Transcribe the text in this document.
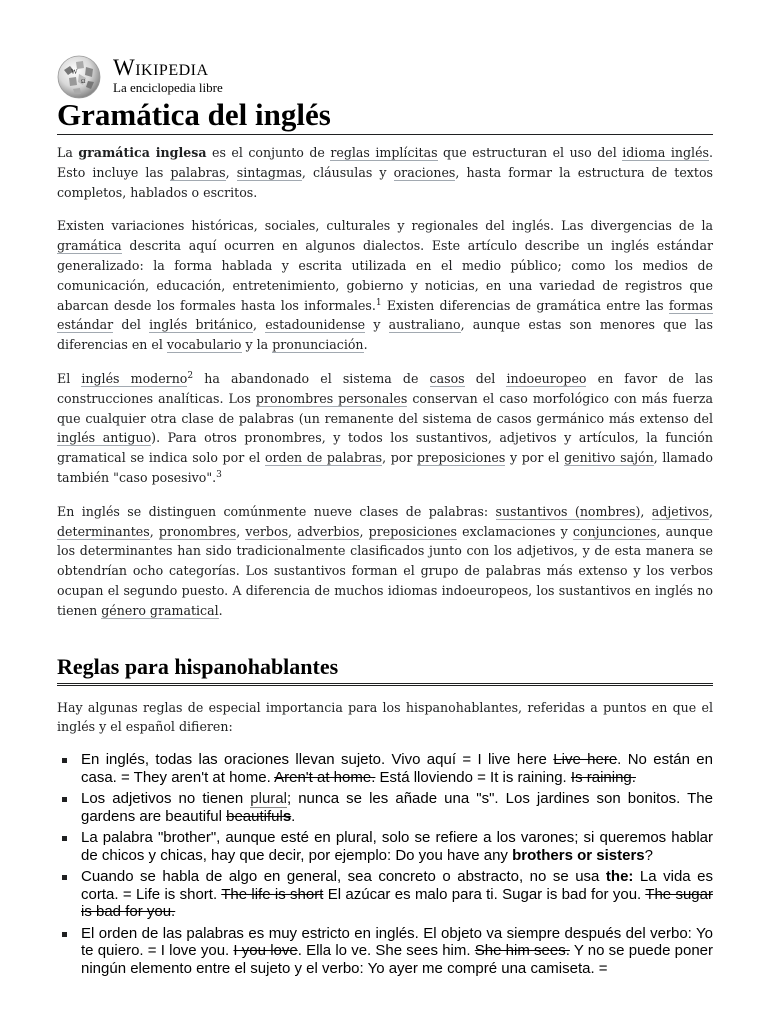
W
Ω
Wikipedia
La enciclopedia libre
Gramática del inglés

La gramática inglesa es el conjunto de reglas implícitas que estructuran el uso del idioma inglés. Esto incluye las palabras, sintagmas, cláusulas y oraciones, hasta formar la estructura de textos completos, hablados o escritos.

Existen variaciones históricas, sociales, culturales y regionales del inglés. Las divergencias de la gramática descrita aquí ocurren en algunos dialectos. Este artículo describe un inglés estándar generalizado: la forma hablada y escrita utilizada en el medio público; como los medios de comunicación, educación, entretenimiento, gobierno y noticias, en una variedad de registros que abarcan desde los formales hasta los informales.$^1$ Existen diferencias de gramática entre las formas estándar del inglés británico, estadounidense y australiano, aunque estas son menores que las diferencias en el vocabulario y la pronunciación.

El inglés moderno$^2$ ha abandonado el sistema de casos del indoeuropeo en favor de las construcciones analíticas. Los pronombres personales conservan el caso morfológico con más fuerza que cualquier otra clase de palabras (un remanente del sistema de casos germánico más extenso del inglés antiguo). Para otros pronombres, y todos los sustantivos, adjetivos y artículos, la función gramatical se indica solo por el orden de palabras, por preposiciones y por el genitivo sajón, llamado también "caso posesivo".$^3$

En inglés se distinguen comúnmente nueve clases de palabras: sustantivos (nombres), adjetivos, determinantes, pronombres, verbos, adverbios, preposiciones exclamaciones y conjunciones, aunque los determinantes han sido tradicionalmente clasificados junto con los adjetivos, y de esta manera se obtendrían ocho categorías. Los sustantivos forman el grupo de palabras más extenso y los verbos ocupan el segundo puesto. A diferencia de muchos idiomas indoeuropeos, los sustantivos en inglés no tienen género gramatical.

Reglas para hispanohablantes

Hay algunas reglas de especial importancia para los hispanohablantes, referidas a puntos en que el inglés y el español difieren:

En inglés, todas las oraciones llevan sujeto. Vivo aquí = I live here Live here. No están en casa. = They aren't at home. Aren't at home. Está lloviendo = It is raining. Is raining.
Los adjetivos no tienen plural; nunca se les añade una "s". Los jardines son bonitos. The gardens are beautiful beautifuls.
La palabra "brother", aunque esté en plural, solo se refiere a los varones; si queremos hablar de chicos y chicas, hay que decir, por ejemplo: Do you have any brothers or sisters?
Cuando se habla de algo en general, sea concreto o abstracto, no se usa the: La vida es corta. = Life is short. The life is short El azúcar es malo para ti. Sugar is bad for you. The sugar is bad for you.
El orden de las palabras es muy estricto en inglés. El objeto va siempre después del verbo: Yo te quiero. = I love you. I you love. Ella lo ve. She sees him. She him sees. Y no se puede poner ningún elemento entre el sujeto y el verbo: Yo ayer me compré una camiseta. =
